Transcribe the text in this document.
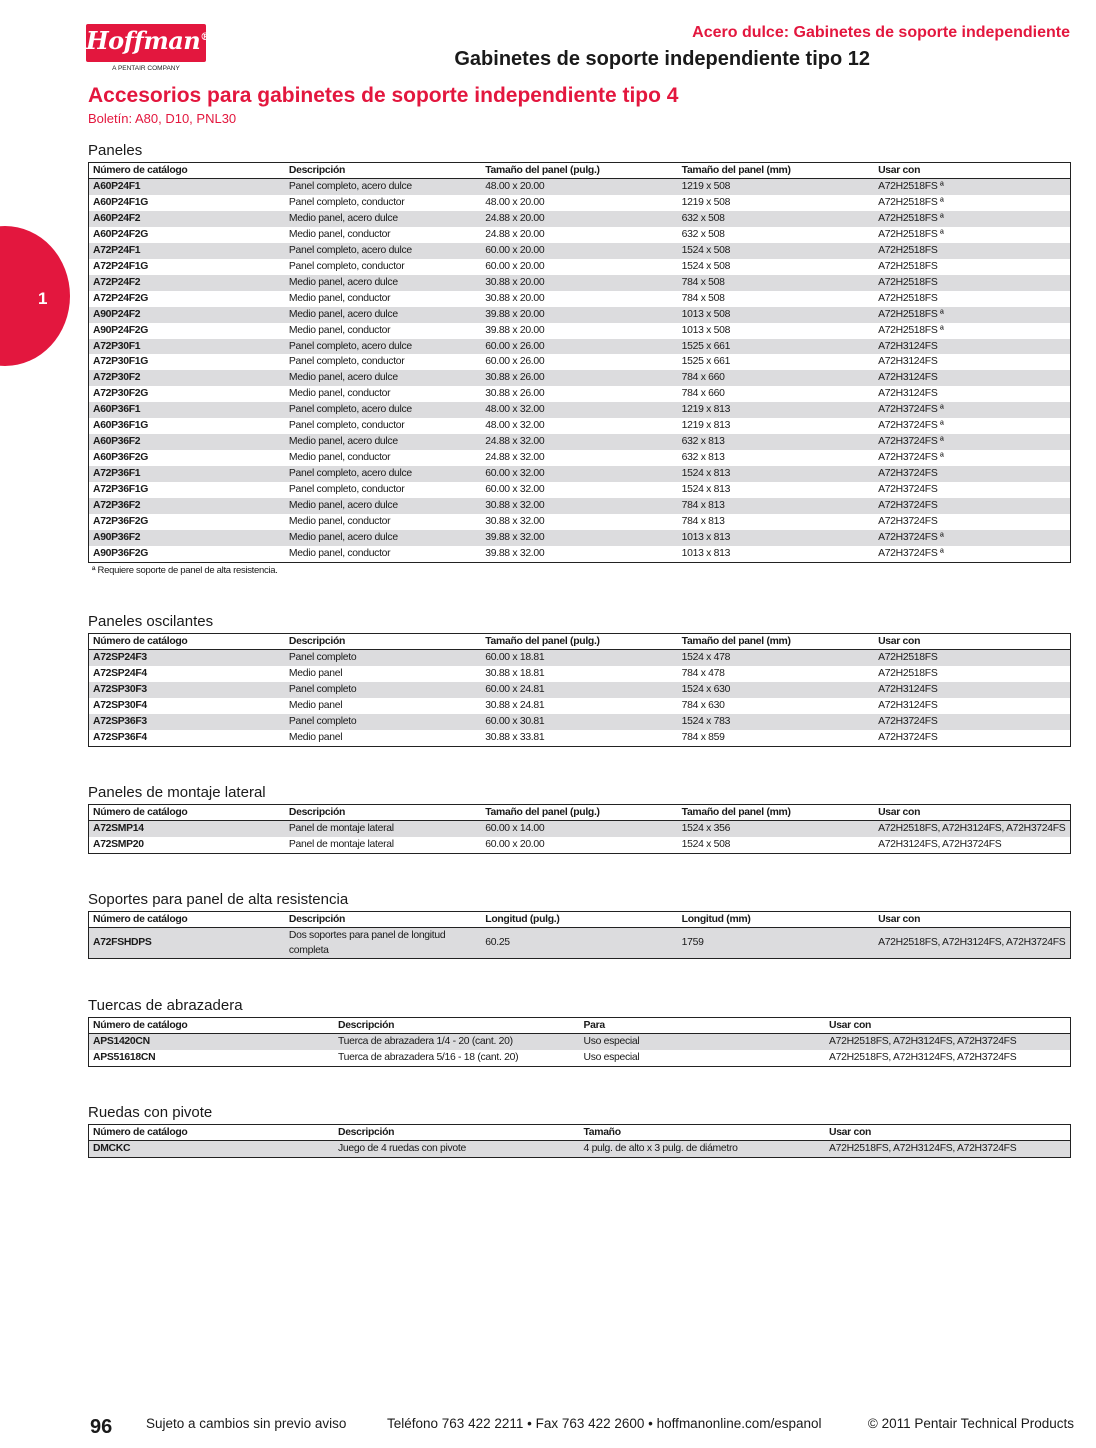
Hoffman®
A PENTAIR COMPANY
Acero dulce: Gabinetes de soporte independiente
Gabinetes de soporte independiente tipo 12
Accesorios para gabinetes de soporte independiente tipo 4
Boletín: A80, D10, PNL30
1
Paneles
Número de catálogo	Descripción	Tamaño del panel (pulg.)	Tamaño del panel (mm)	Usar con
A60P24F1	Panel completo, acero dulce	48.00 x 20.00	1219 x 508	A72H2518FS ª
A60P24F1G	Panel completo, conductor	48.00 x 20.00	1219 x 508	A72H2518FS ª
A60P24F2	Medio panel, acero dulce	24.88 x 20.00	632 x 508	A72H2518FS ª
A60P24F2G	Medio panel, conductor	24.88 x 20.00	632 x 508	A72H2518FS ª
A72P24F1	Panel completo, acero dulce	60.00 x 20.00	1524 x 508	A72H2518FS
A72P24F1G	Panel completo, conductor	60.00 x 20.00	1524 x 508	A72H2518FS
A72P24F2	Medio panel, acero dulce	30.88 x 20.00	784 x 508	A72H2518FS
A72P24F2G	Medio panel, conductor	30.88 x 20.00	784 x 508	A72H2518FS
A90P24F2	Medio panel, acero dulce	39.88 x 20.00	1013 x 508	A72H2518FS ª
A90P24F2G	Medio panel, conductor	39.88 x 20.00	1013 x 508	A72H2518FS ª
A72P30F1	Panel completo, acero dulce	60.00 x 26.00	1525 x 661	A72H3124FS
A72P30F1G	Panel completo, conductor	60.00 x 26.00	1525 x 661	A72H3124FS
A72P30F2	Medio panel, acero dulce	30.88 x 26.00	784 x 660	A72H3124FS
A72P30F2G	Medio panel, conductor	30.88 x 26.00	784 x 660	A72H3124FS
A60P36F1	Panel completo, acero dulce	48.00 x 32.00	1219 x 813	A72H3724FS ª
A60P36F1G	Panel completo, conductor	48.00 x 32.00	1219 x 813	A72H3724FS ª
A60P36F2	Medio panel, acero dulce	24.88 x 32.00	632 x 813	A72H3724FS ª
A60P36F2G	Medio panel, conductor	24.88 x 32.00	632 x 813	A72H3724FS ª
A72P36F1	Panel completo, acero dulce	60.00 x 32.00	1524 x 813	A72H3724FS
A72P36F1G	Panel completo, conductor	60.00 x 32.00	1524 x 813	A72H3724FS
A72P36F2	Medio panel, acero dulce	30.88 x 32.00	784 x 813	A72H3724FS
A72P36F2G	Medio panel, conductor	30.88 x 32.00	784 x 813	A72H3724FS
A90P36F2	Medio panel, acero dulce	39.88 x 32.00	1013 x 813	A72H3724FS ª
A90P36F2G	Medio panel, conductor	39.88 x 32.00	1013 x 813	A72H3724FS ª
ª Requiere soporte de panel de alta resistencia.
Paneles oscilantes
Número de catálogo	Descripción	Tamaño del panel (pulg.)	Tamaño del panel (mm)	Usar con
A72SP24F3	Panel completo	60.00 x 18.81	1524 x 478	A72H2518FS
A72SP24F4	Medio panel	30.88 x 18.81	784 x 478	A72H2518FS
A72SP30F3	Panel completo	60.00 x 24.81	1524 x 630	A72H3124FS
A72SP30F4	Medio panel	30.88 x 24.81	784 x 630	A72H3124FS
A72SP36F3	Panel completo	60.00 x 30.81	1524 x 783	A72H3724FS
A72SP36F4	Medio panel	30.88 x 33.81	784 x 859	A72H3724FS
Paneles de montaje lateral
Número de catálogo	Descripción	Tamaño del panel (pulg.)	Tamaño del panel (mm)	Usar con
A72SMP14	Panel de montaje lateral	60.00 x 14.00	1524 x 356	A72H2518FS, A72H3124FS, A72H3724FS
A72SMP20	Panel de montaje lateral	60.00 x 20.00	1524 x 508	A72H3124FS, A72H3724FS
Soportes para panel de alta resistencia
Número de catálogo	Descripción	Longitud (pulg.)	Longitud (mm)	Usar con
A72FSHDPS	Dos soportes para panel de longitud completa	60.25	1759	A72H2518FS, A72H3124FS, A72H3724FS
Tuercas de abrazadera
Número de catálogo	Descripción	Para	Usar con
APS1420CN	Tuerca de abrazadera 1/4 - 20 (cant. 20)	Uso especial	A72H2518FS, A72H3124FS, A72H3724FS
APS51618CN	Tuerca de abrazadera 5/16 - 18 (cant. 20)	Uso especial	A72H2518FS, A72H3124FS, A72H3724FS
Ruedas con pivote
Número de catálogo	Descripción	Tamaño	Usar con
DMCKC	Juego de 4 ruedas con pivote	4 pulg. de alto x 3 pulg. de diámetro	A72H2518FS, A72H3124FS, A72H3724FS
96	Sujeto a cambios sin previo aviso	Teléfono 763 422 2211 • Fax 763 422 2600 • hoffmanonline.com/espanol	© 2011 Pentair Technical Products
